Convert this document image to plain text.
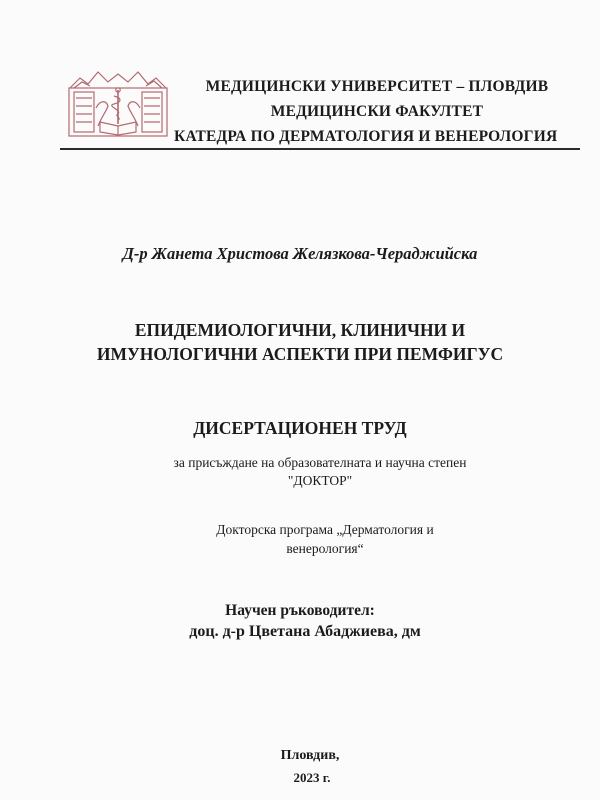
МЕДИЦИНСКИ УНИВЕРСИТЕТ – ПЛОВДИВ
МЕДИЦИНСКИ ФАКУЛТЕТ
КАТЕДРА ПО ДЕРМАТОЛОГИЯ И ВЕНЕРОЛОГИЯ
Д-р Жанета Христова Желязкова-Чераджийска
ЕПИДЕМИОЛОГИЧНИ, КЛИНИЧНИ И
ИМУНОЛОГИЧНИ АСПЕКТИ ПРИ ПЕМФИГУС
ДИСЕРТАЦИОНЕН ТРУД
за присъждане на образователната и научна степен
"ДОКТОР"
Докторска програма „Дерматология и
венерология“
Научен ръководител:
доц. д-р Цветана Абаджиева, дм
Пловдив,
2023 г.
